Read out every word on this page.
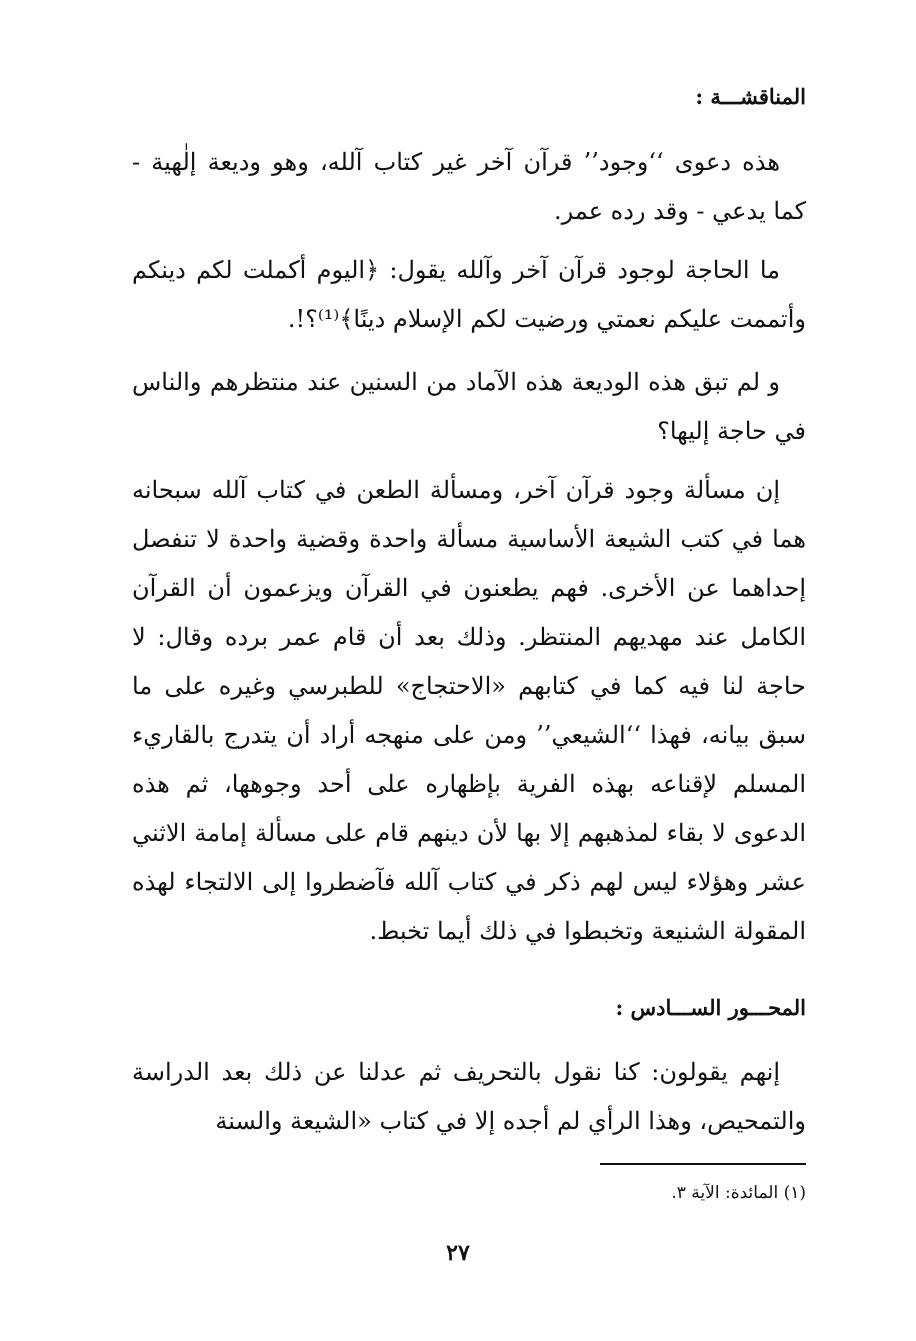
المناقشـــة :

هذه دعوى ‘‘وجود’’ قرآن آخر غير كتاب آلله، وهو وديعة إلٰهية - كما يدعي - وقد رده عمر.

ما الحاجة لوجود قرآن آخر وآلله يقول: ﴿اليوم أكملت لكم دينكم وأتممت عليكم نعمتي ورضيت لكم الإسلام دينًا﴾⁽¹⁾؟!.

و لم تبق هذه الوديعة هذه الآماد من السنين عند منتظرهم والناس في حاجة إليها؟

إن مسألة وجود قرآن آخر، ومسألة الطعن في كتاب آلله سبحانه هما في كتب الشيعة الأساسية مسألة واحدة وقضية واحدة لا تنفصل إحداهما عن الأخرى. فهم يطعنون في القرآن ويزعمون أن القرآن الكامل عند مهديهم المنتظر. وذلك بعد أن قام عمر برده وقال: لا حاجة لنا فيه كما في كتابهم «الاحتجاج» للطبرسي وغيره على ما سبق بيانه، فهذا ‘‘الشيعي’’ ومن على منهجه أراد أن يتدرج بالقاريء المسلم لإقناعه بهذه الفرية بإظهاره على أحد وجوهها، ثم هذه الدعوى لا بقاء لمذهبهم إلا بها لأن دينهم قام على مسألة إمامة الاثني عشر وهؤلاء ليس لهم ذكر في كتاب آلله فآضطروا إلى الالتجاء لهذه المقولة الشنيعة وتخبطوا في ذلك أيما تخبط.

المحـــور الســـادس :

إنهم يقولون: كنا نقول بالتحريف ثم عدلنا عن ذلك بعد الدراسة والتمحيص، وهذا الرأي لم أجده إلا في كتاب «الشيعة والسنة

(١) المائدة: الآية ٣.
٢٧
